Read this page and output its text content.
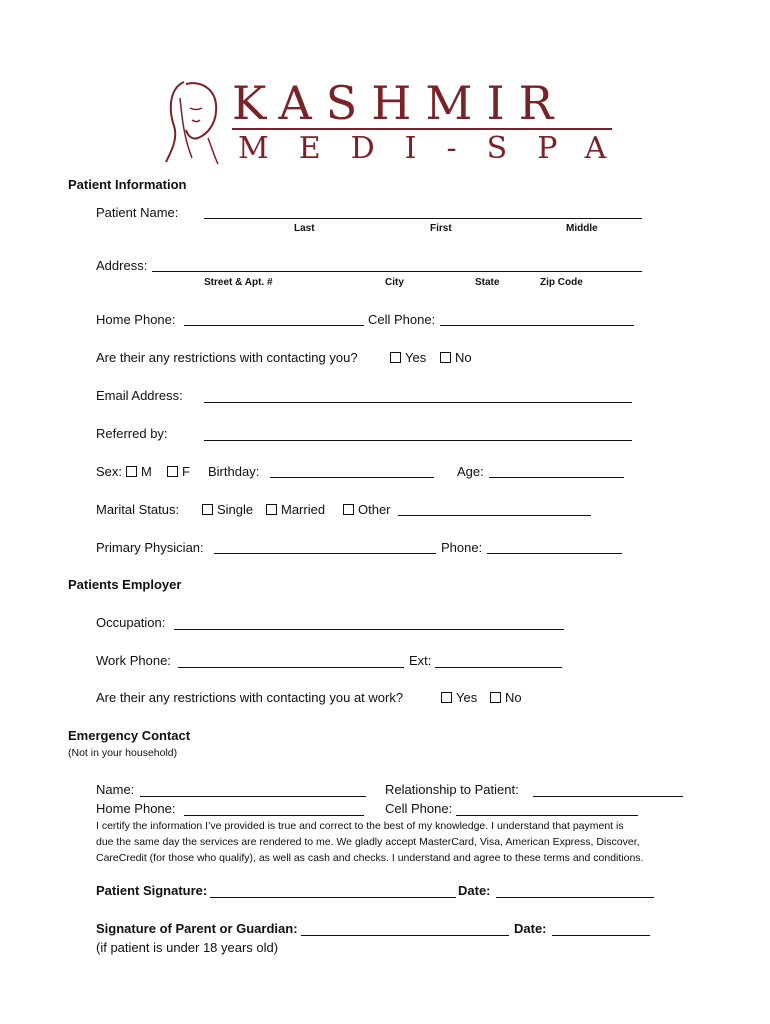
KASHMIR
MEDI-SPA
Patient Information
Patient Name:
Last	First	Middle
Address:
Street & Apt. #	City	State	Zip Code
Home Phone:	Cell Phone:
Are their any restrictions with contacting you?	Yes	No
Email Address:
Referred by:
Sex:	M	F Birthday:	Age:
Marital Status:	Single	Married	Other
Primary Physician:	Phone:
Patients Employer
Occupation:
Work Phone:	Ext:
Are their any restrictions with contacting you at work?	Yes	No
Emergency Contact
(Not in your household)
Name:	Relationship to Patient:
Home Phone:	Cell Phone:
I certify the information I’ve provided is true and correct to the best of my knowledge. I understand that payment is
due the same day the services are rendered to me. We gladly accept MasterCard, Visa, American Express, Discover,
CareCredit (for those who qualify), as well as cash and checks. I understand and agree to these terms and conditions.
Patient Signature:	Date:
Signature of Parent or Guardian:	Date:
(if patient is under 18 years old)
